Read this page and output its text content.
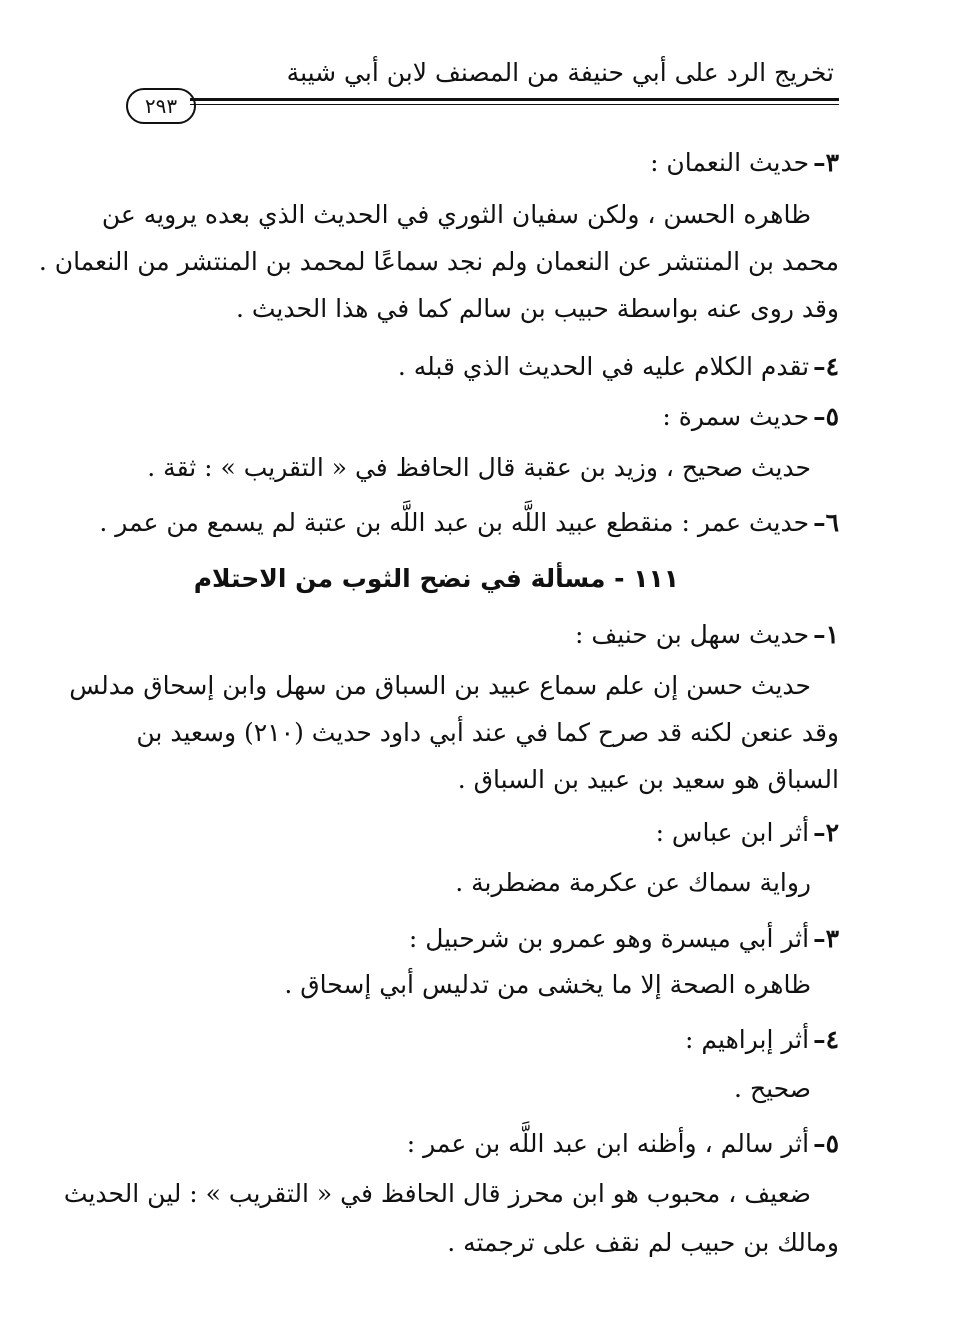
تخريج الرد على أبي حنيفة من المصنف لابن أبي شيبة
٢٩٣
٣–حديث النعمان :
ظاهره الحسن ، ولكن سفيان الثوري في الحديث الذي بعده يرويه عن
محمد بن المنتشر عن النعمان ولم نجد سماعًا لمحمد بن المنتشر من النعمان .
وقد روى عنه بواسطة حبيب بن سالم كما في هذا الحديث .
٤–تقدم الكلام عليه في الحديث الذي قبله .
٥–حديث سمرة :
حديث صحيح ، وزيد بن عقبة قال الحافظ في « التقريب » : ثقة .
٦–حديث عمر : منقطع عبيد اللَّه بن عبد اللَّه بن عتبة لم يسمع من عمر .
١١١ - مسألة في نضح الثوب من الاحتلام
١–حديث سهل بن حنيف :
حديث حسن إن علم سماع عبيد بن السباق من سهل وابن إسحاق مدلس
وقد عنعن لكنه قد صرح كما في عند أبي داود حديث (٢١٠) وسعيد بن
السباق هو سعيد بن عبيد بن السباق .
٢–أثر ابن عباس :
رواية سماك عن عكرمة مضطربة .
٣–أثر أبي ميسرة وهو عمرو بن شرحبيل :
ظاهره الصحة إلا ما يخشى من تدليس أبي إسحاق .
٤–أثر إبراهيم :
صحيح .
٥–أثر سالم ، وأظنه ابن عبد اللَّه بن عمر :
ضعيف ، محبوب هو ابن محرز قال الحافظ في « التقريب » : لين الحديث
ومالك بن حبيب لم نقف على ترجمته .
